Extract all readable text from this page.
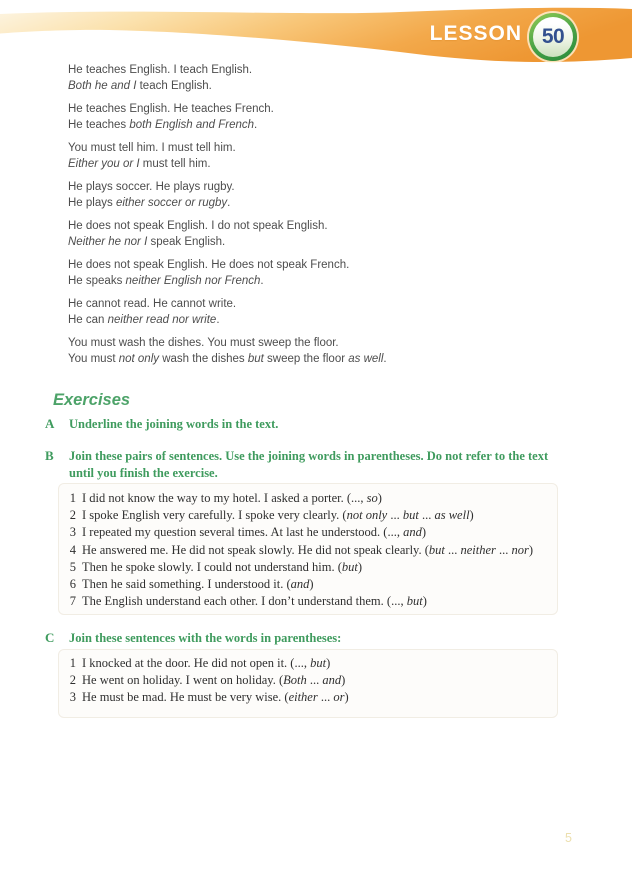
LESSON 50
He teaches English. I teach English.
Both he and I teach English.
He teaches English. He teaches French.
He teaches both English and French.
You must tell him. I must tell him.
Either you or I must tell him.
He plays soccer. He plays rugby.
He plays either soccer or rugby.
He does not speak English. I do not speak English.
Neither he nor I speak English.
He does not speak English. He does not speak French.
He speaks neither English nor French.
He cannot read. He cannot write.
He can neither read nor write.
You must wash the dishes. You must sweep the floor.
You must not only wash the dishes but sweep the floor as well.
Exercises
A	Underline the joining words in the text.
B	Join these pairs of sentences. Use the joining words in parentheses. Do not refer to the text
until you finish the exercise.
1 I did not know the way to my hotel. I asked a porter. (..., so)
2 I spoke English very carefully. I spoke very clearly. (not only ... but ... as well)
3 I repeated my question several times. At last he understood. (..., and)
4 He answered me. He did not speak slowly. He did not speak clearly. (but ... neither ... nor)
5 Then he spoke slowly. I could not understand him. (but)
6 Then he said something. I understood it. (and)
7 The English understand each other. I don’t understand them. (..., but)
C	Join these sentences with the words in parentheses:
1 I knocked at the door. He did not open it. (..., but)
2 He went on holiday. I went on holiday. (Both ... and)
3 He must be mad. He must be very wise. (either ... or)
5
